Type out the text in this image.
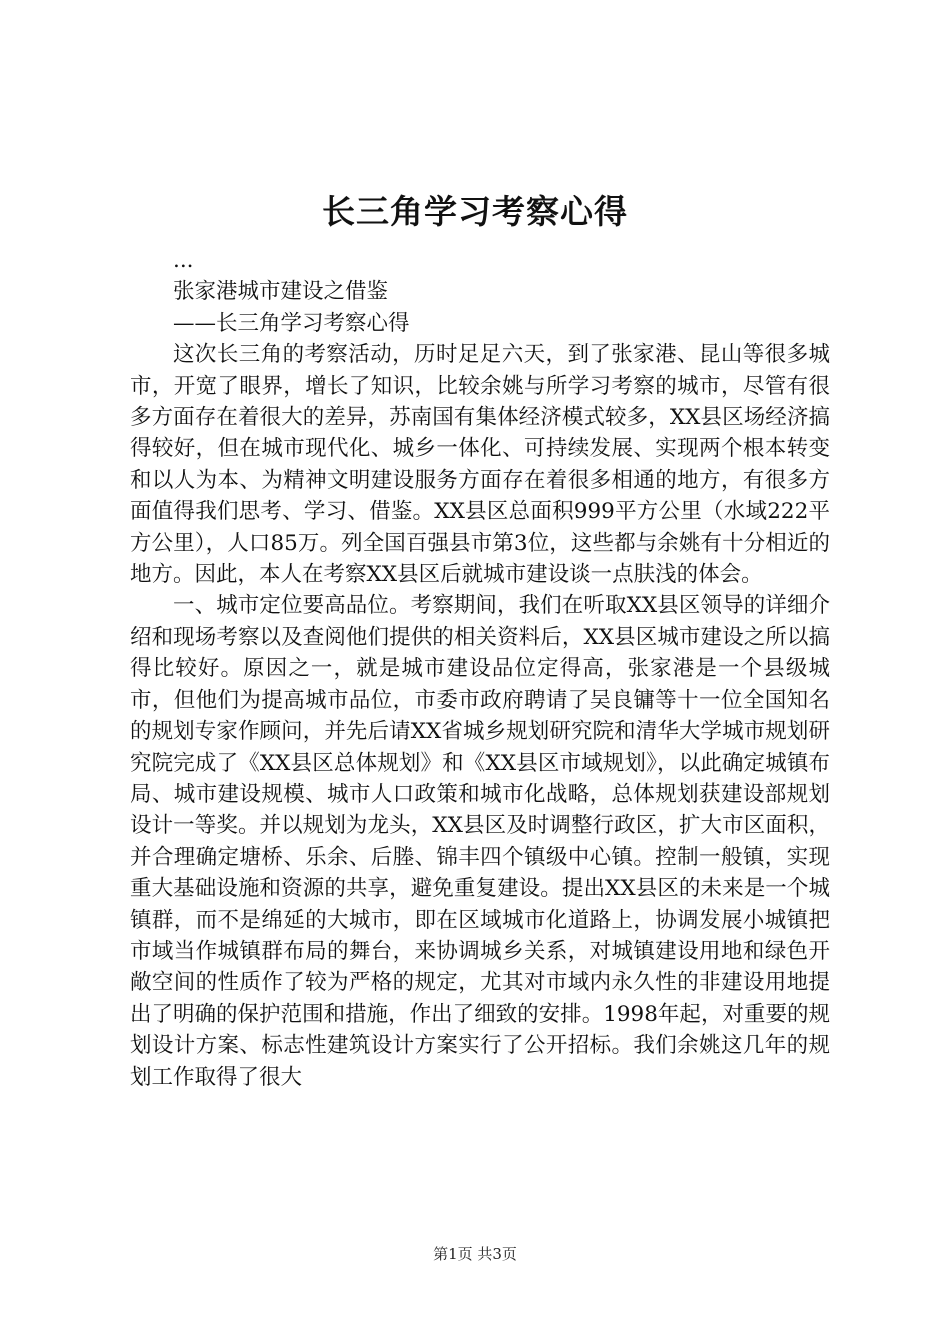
长三角学习考察心得

...

张家港城市建设之借鉴

——长三角学习考察心得

这次长三角的考察活动，历时足足六天，到了张家港、昆山等很多城市，开宽了眼界，增长了知识，比较余姚与所学习考察的城市，尽管有很多方面存在着很大的差异，苏南国有集体经济模式较多，XX县区场经济搞得较好，但在城市现代化、城乡一体化、可持续发展、实现两个根本转变和以人为本、为精神文明建设服务方面存在着很多相通的地方，有很多方面值得我们思考、学习、借鉴。XX县区总面积999平方公里（水域222平方公里），人口85万。列全国百强县市第3位，这些都与余姚有十分相近的地方。因此，本人在考察XX县区后就城市建设谈一点肤浅的体会。

一、城市定位要高品位。考察期间，我们在听取XX县区领导的详细介绍和现场考察以及查阅他们提供的相关资料后，XX县区城市建设之所以搞得比较好。原因之一，就是城市建设品位定得高，张家港是一个县级城市，但他们为提高城市品位，市委市政府聘请了吴良镛等十一位全国知名的规划专家作顾问，并先后请XX省城乡规划研究院和清华大学城市规划研究院完成了《XX县区总体规划》和《XX县区市域规划》，以此确定城镇布局、城市建设规模、城市人口政策和城市化战略，总体规划获建设部规划设计一等奖。并以规划为龙头，XX县区及时调整行政区，扩大市区面积，并合理确定塘桥、乐余、后塍、锦丰四个镇级中心镇。控制一般镇，实现重大基础设施和资源的共享，避免重复建设。提出XX县区的未来是一个城镇群，而不是绵延的大城市，即在区域城市化道路上，协调发展小城镇把市域当作城镇群布局的舞台，来协调城乡关系，对城镇建设用地和绿色开敞空间的性质作了较为严格的规定，尤其对市域内永久性的非建设用地提出了明确的保护范围和措施，作出了细致的安排。1998年起，对重要的规划设计方案、标志性建筑设计方案实行了公开招标。我们余姚这几年的规划工作取得了很大

第1页 共3页
